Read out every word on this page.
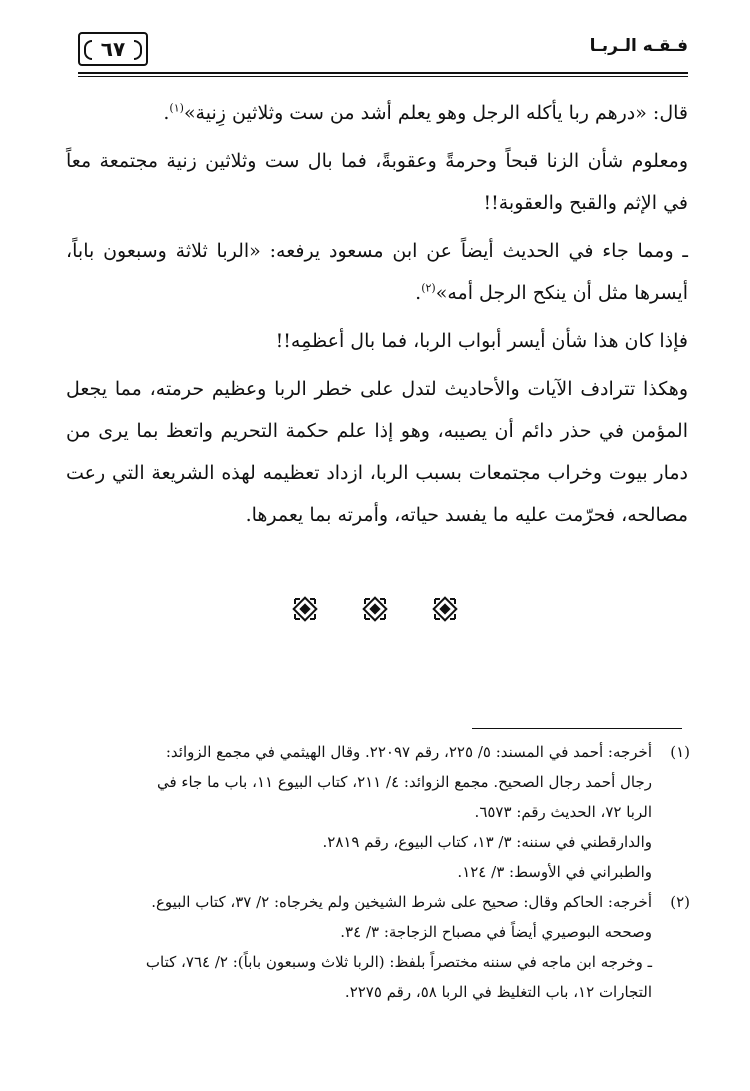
فـقـه الـربـا
٦٧

قال: «درهم ربا يأكله الرجل وهو يعلم أشد من ست وثلاثين زِنية»$^{(١)}$.

ومعلوم شأن الزنا قبحاً وحرمةً وعقوبةً، فما بال ست وثلاثين زنية مجتمعة معاً في الإثم والقبح والعقوبة!!

ـ ومما جاء في الحديث أيضاً عن ابن مسعود يرفعه: «الربا ثلاثة وسبعون باباً، أيسرها مثل أن ينكح الرجل أمه»$^{(٢)}$.

فإذا كان هذا شأن أيسر أبواب الربا، فما بال أعظمِه!!

وهكذا تترادف الآيات والأحاديث لتدل على خطر الربا وعظيم حرمته، مما يجعل المؤمن في حذر دائم أن يصيبه، وهو إذا علم حكمة التحريم واتعظ بما يرى من دمار بيوت وخراب مجتمعات بسبب الربا، ازداد تعظيمه لهذه الشريعة التي رعت مصالحه، فحرّمت عليه ما يفسد حياته، وأمرته بما يعمرها.

(١)
أخرجه: أحمد في المسند: ٥/ ٢٢٥، رقم ٢٢٠٩٧. وقال الهيثمي في مجمع الزوائد:
رجال أحمد رجال الصحيح. مجمع الزوائد: ٤/ ٢١١، كتاب البيوع ١١، باب ما جاء في
الربا ٧٢، الحديث رقم: ٦٥٧٣.
والدارقطني في سننه: ٣/ ١٣، كتاب البيوع، رقم ٢٨١٩.
والطبراني في الأوسط: ٣/ ١٢٤.
(٢)
أخرجه: الحاكم وقال: صحيح على شرط الشيخين ولم يخرجاه: ٢/ ٣٧، كتاب البيوع.
وصححه البوصيري أيضاً في مصباح الزجاجة: ٣/ ٣٤.
ـ وخرجه ابن ماجه في سننه مختصراً بلفظ: (الربا ثلاث وسبعون باباً): ٢/ ٧٦٤، كتاب
التجارات ١٢، باب التغليظ في الربا ٥٨، رقم ٢٢٧٥.
